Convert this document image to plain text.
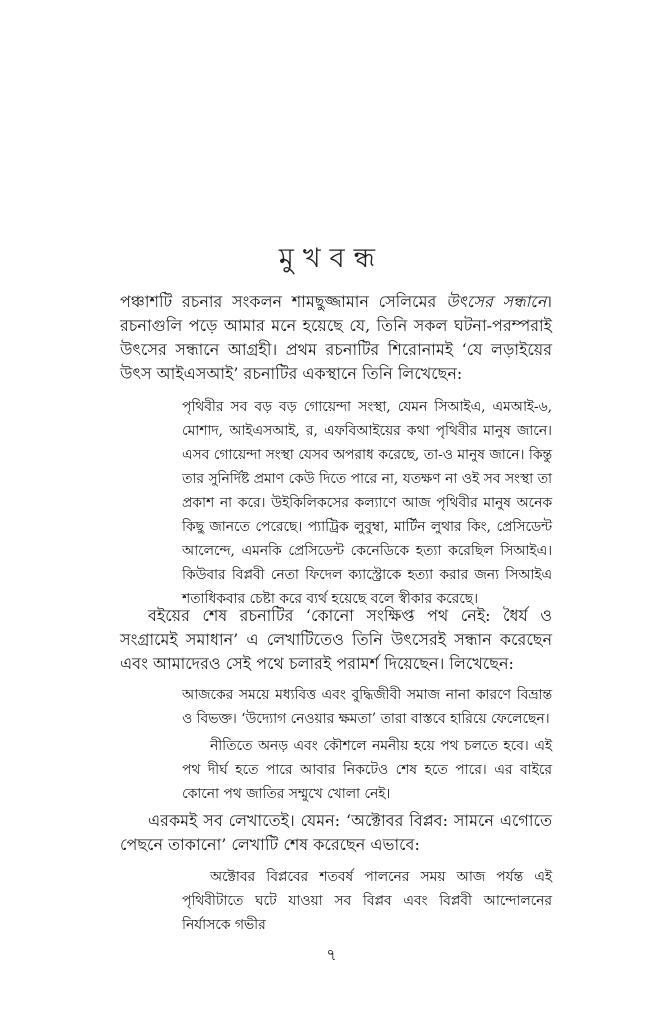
মুখবন্ধ

পঞ্চাশটি রচনার সংকলন শামছুজ্জামান সেলিমের উৎসের সন্ধানে। রচনাগুলি পড়ে আমার মনে হয়েছে যে, তিনি সকল ঘটনা-পরম্পরাই উৎসের সন্ধানে আগ্রহী। প্রথম রচনাটির শিরোনামই ‘যে লড়াইয়ের উৎস আইএসআই’ রচনাটির একস্থানে তিনি লিখেছেন:

পৃথিবীর সব বড় বড় গোয়েন্দা সংস্থা, যেমন সিআইএ, এমআই-৬, মোশাদ, আইএসআই, র, এফবিআইয়ের কথা পৃথিবীর মানুষ জানে। এসব গোয়েন্দা সংস্থা যেসব অপরাধ করেছে, তা-ও মানুষ জানে। কিন্তু তার সুনির্দিষ্ট প্রমাণ কেউ দিতে পারে না, যতক্ষণ না ওই সব সংস্থা তা প্রকাশ না করে। উইকিলিকসের কল্যাণে আজ পৃথিবীর মানুষ অনেক কিছু জানতে পেরেছে। প্যাট্রিক লুবুম্বা, মার্টিন লুথার কিং, প্রেসিডেন্ট আলেন্দে, এমনকি প্রেসিডেন্ট কেনেডিকে হত্যা করেছিল সিআইএ। কিউবার বিপ্লবী নেতা ফিদেল ক্যাস্ট্রোকে হত্যা করার জন্য সিআইএ শতাধিকবার চেষ্টা করে ব্যর্থ হয়েছে বলে স্বীকার করেছে।

বইয়ের শেষ রচনাটির ‘কোনো সংক্ষিপ্ত পথ নেই: ধৈর্য ও সংগ্রামেই সমাধান’ এ লেখাটিতেও তিনি উৎসেরই সন্ধান করেছেন এবং আমাদেরও সেই পথে চলারই পরামর্শ দিয়েছেন। লিখেছেন:

আজকের সময়ে মধ্যবিত্ত এবং বুদ্ধিজীবী সমাজ নানা কারণে বিভ্রান্ত ও বিভক্ত। ‘উদ্যোগ নেওয়ার ক্ষমতা’ তারা বাস্তবে হারিয়ে ফেলেছেন।

নীতিতে অনড় এবং কৌশলে নমনীয় হয়ে পথ চলতে হবে। এই পথ দীর্ঘ হতে পারে আবার নিকটেও শেষ হতে পারে। এর বাইরে কোনো পথ জাতির সম্মুখে খোলা নেই।

এরকমই সব লেখাতেই। যেমন: ‘অক্টোবর বিপ্লব: সামনে এগোতে পেছনে তাকানো’ লেখাটি শেষ করেছেন এভাবে:

অক্টোবর বিপ্লবের শতবর্ষ পালনের সময় আজ পর্যন্ত এই পৃথিবীটাতে ঘটে যাওয়া সব বিপ্লব এবং বিপ্লবী আন্দোলনের নির্যাসকে গভীর

৭
